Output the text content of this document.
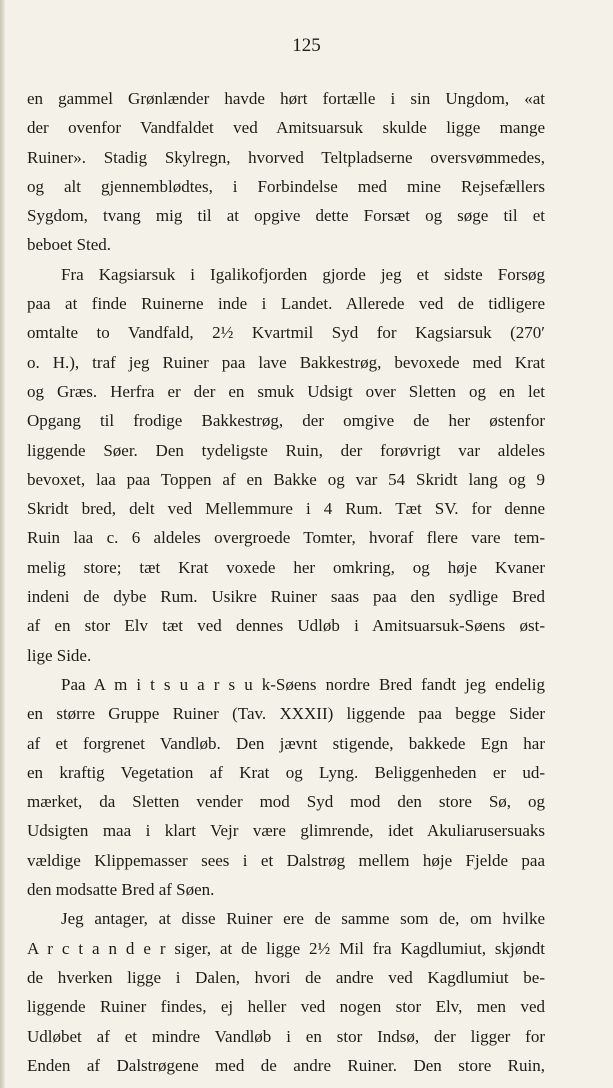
125
en gammel Grønlænder havde hørt fortælle i sin Ungdom, «at
der ovenfor Vandfaldet ved Amitsuarsuk skulde ligge mange
Ruiner». Stadig Skylregn, hvorved Teltpladserne oversvømmedes,
og alt gjennemblødtes, i Forbindelse med mine Rejsefællers
Sygdom, tvang mig til at opgive dette Forsæt og søge til et
beboet Sted.
Fra Kagsiarsuk i Igalikofjorden gjorde jeg et sidste Forsøg
paa at finde Ruinerne inde i Landet. Allerede ved de tidligere
omtalte to Vandfald, 2½ Kvartmil Syd for Kagsiarsuk (270′
o. H.), traf jeg Ruiner paa lave Bakkestrøg, bevoxede med Krat
og Græs. Herfra er der en smuk Udsigt over Sletten og en let
Opgang til frodige Bakkestrøg, der omgive de her østenfor
liggende Søer. Den tydeligste Ruin, der forøvrigt var aldeles
bevoxet, laa paa Toppen af en Bakke og var 54 Skridt lang og 9
Skridt bred, delt ved Mellemmure i 4 Rum. Tæt SV. for denne
Ruin laa c. 6 aldeles overgroede Tomter, hvoraf flere vare tem-
melig store; tæt Krat voxede her omkring, og høje Kvaner
indeni de dybe Rum. Usikre Ruiner saas paa den sydlige Bred
af en stor Elv tæt ved dennes Udløb i Amitsuarsuk-Søens øst-
lige Side.
Paa A m i t s u a r s u k-Søens nordre Bred fandt jeg endelig
en større Gruppe Ruiner (Tav. XXXII) liggende paa begge Sider
af et forgrenet Vandløb. Den jævnt stigende, bakkede Egn har
en kraftig Vegetation af Krat og Lyng. Beliggenheden er ud-
mærket, da Sletten vender mod Syd mod den store Sø, og
Udsigten maa i klart Vejr være glimrende, idet Akuliarusersuaks
vældige Klippemasser sees i et Dalstrøg mellem høje Fjelde paa
den modsatte Bred af Søen.
Jeg antager, at disse Ruiner ere de samme som de, om hvilke
A r c t a n d e r siger, at de ligge 2½ Mil fra Kagdlumiut, skjøndt
de hverken ligge i Dalen, hvori de andre ved Kagdlumiut be-
liggende Ruiner findes, ej heller ved nogen stor Elv, men ved
Udløbet af et mindre Vandløb i en stor Indsø, der ligger for
Enden af Dalstrøgene med de andre Ruiner. Den store Ruin,
